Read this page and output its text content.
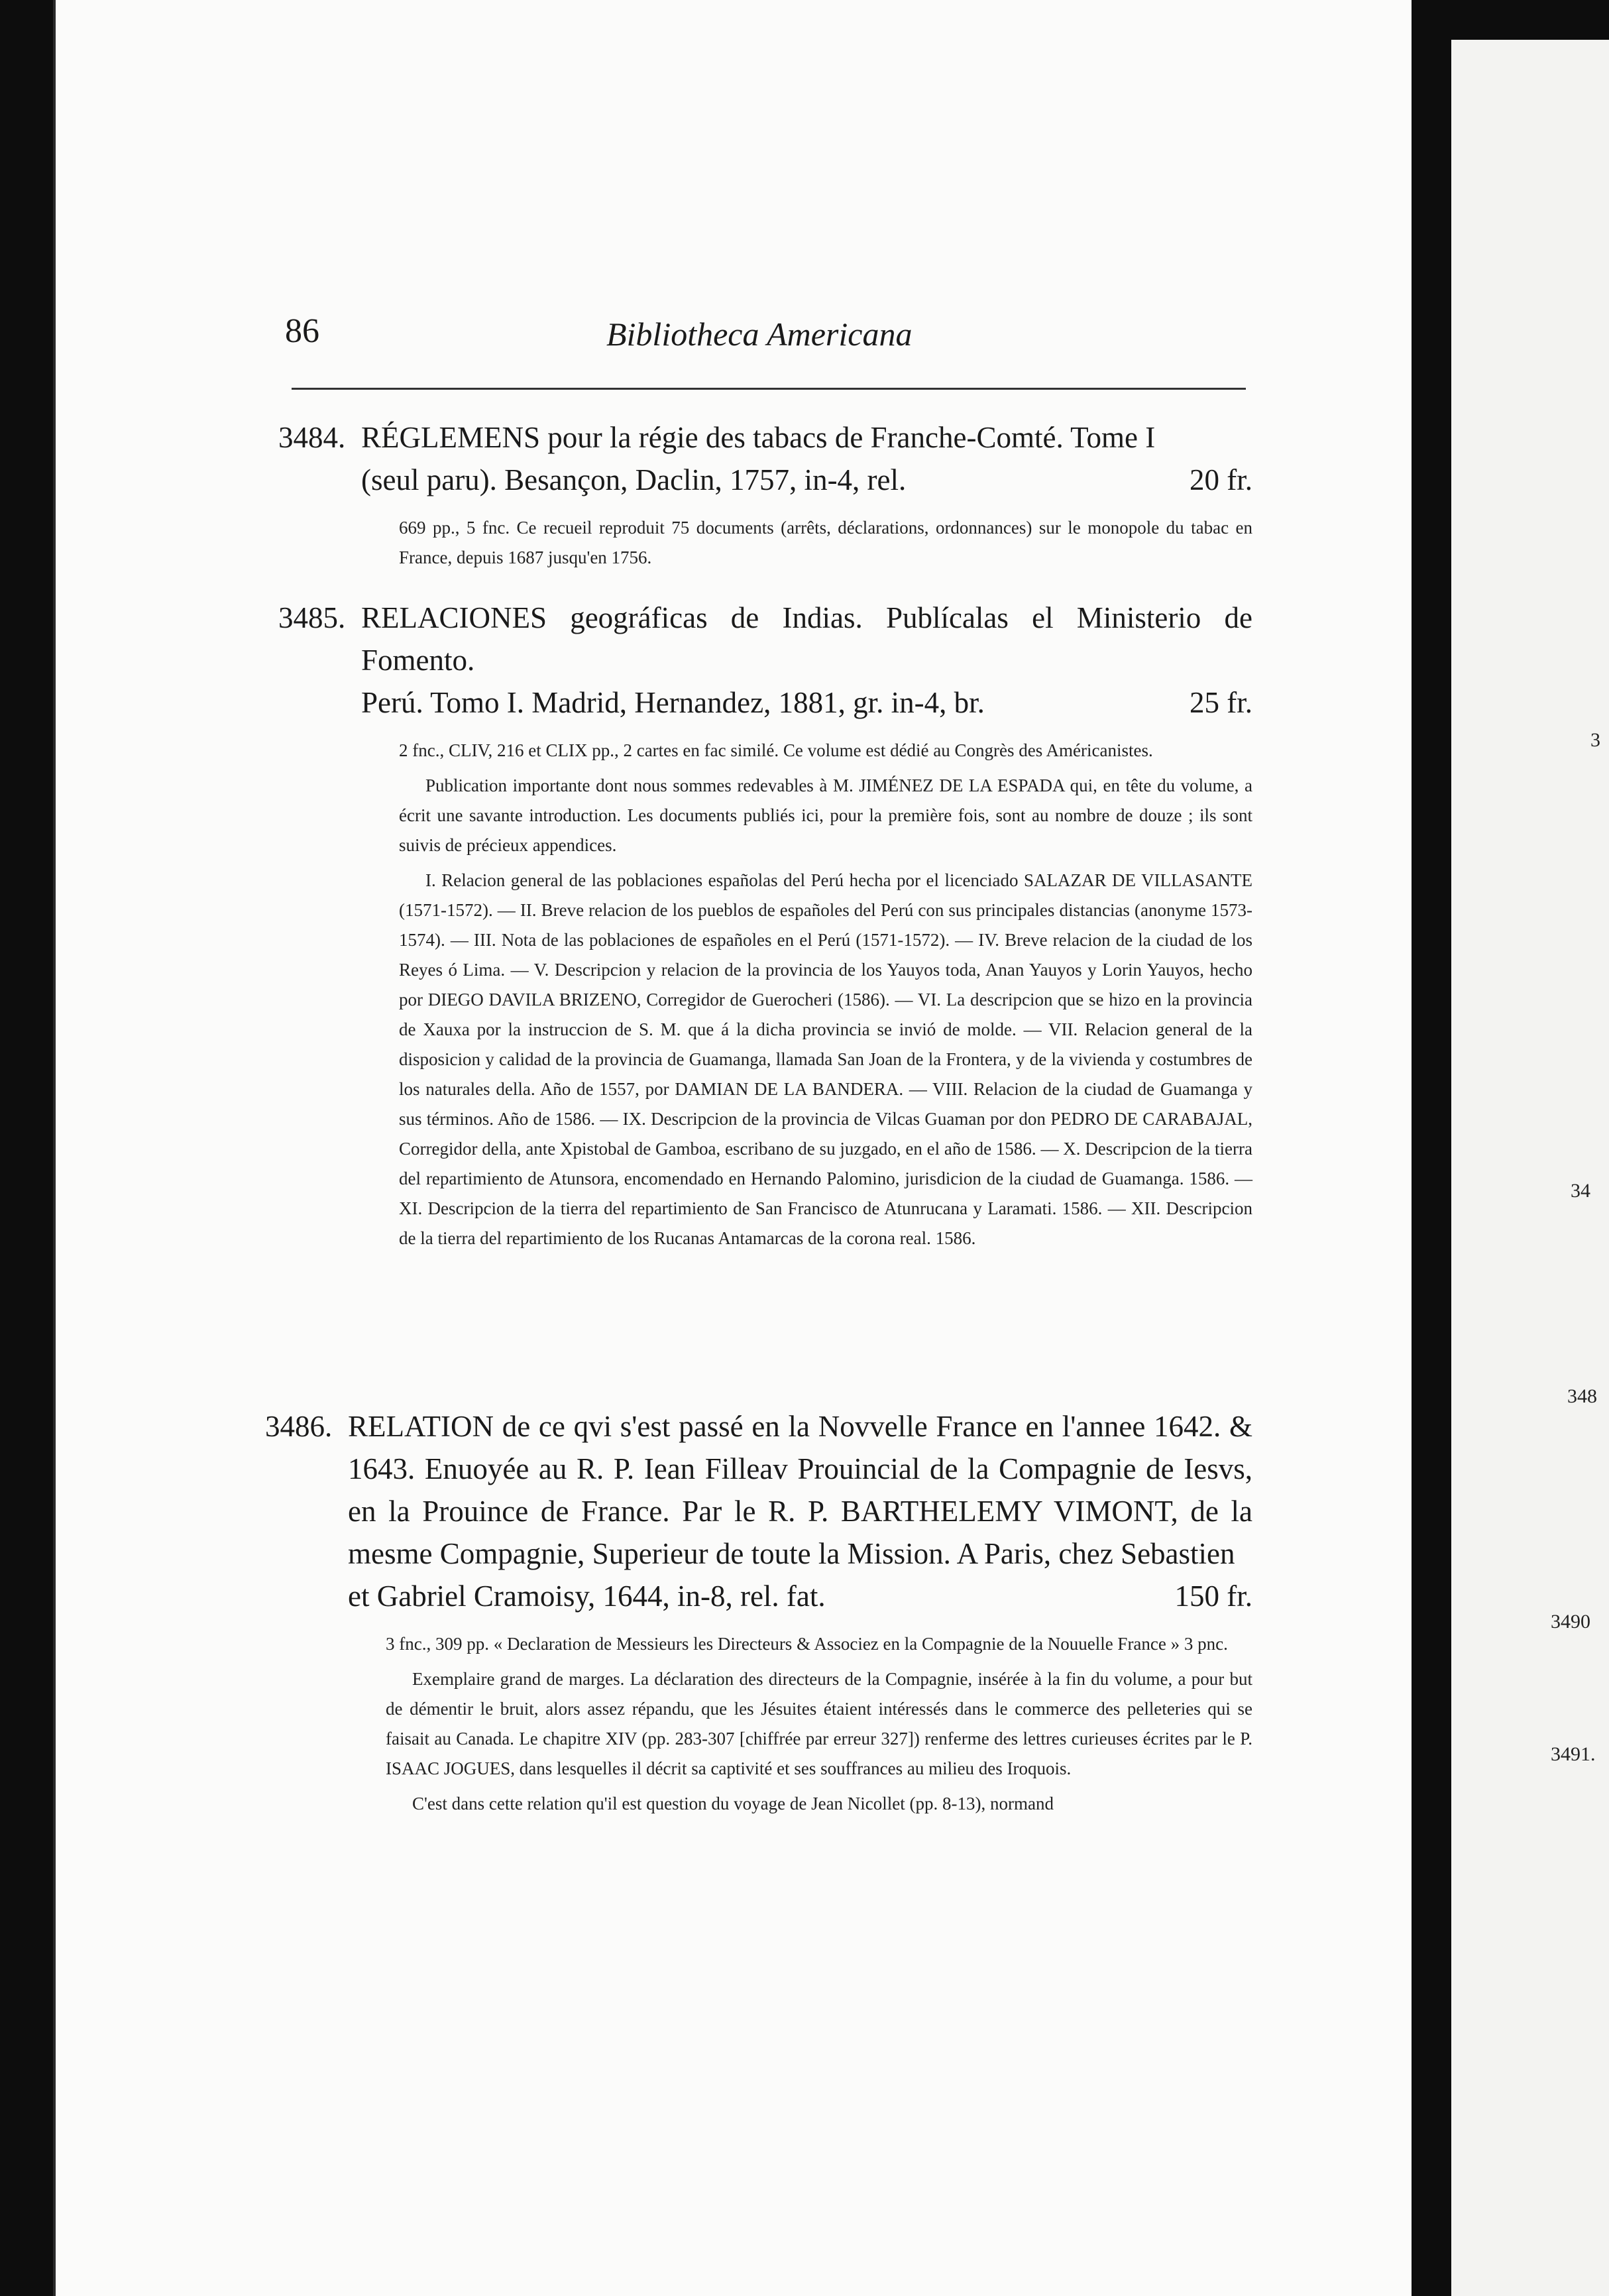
3
34
348
3490
3491.
86	Bibliotheca Americana
3484. RÉGLEMENS pour la régie des tabacs de Franche-Comté. Tome I
(seul paru). Besançon, Daclin, 1757, in-4, rel.	20 fr.

669 pp., 5 fnc. Ce recueil reproduit 75 documents (arrêts, déclarations, ordonnances) sur le monopole du tabac en France, depuis 1687 jusqu'en 1756.

3485. RELACIONES geográficas de Indias. Publícalas el Ministerio de Fomento.
Perú. Tomo I. Madrid, Hernandez, 1881, gr. in-4, br.	25 fr.

2 fnc., CLIV, 216 et CLIX pp., 2 cartes en fac similé. Ce volume est dédié au Congrès des Américanistes.

Publication importante dont nous sommes redevables à M. JIMÉNEZ DE LA ESPADA qui, en tête du volume, a écrit une savante introduction. Les documents publiés ici, pour la première fois, sont au nombre de douze ; ils sont suivis de précieux appendices.

I. Relacion general de las poblaciones españolas del Perú hecha por el licenciado SALAZAR DE VILLASANTE (1571-1572). — II. Breve relacion de los pueblos de españoles del Perú con sus principales distancias (anonyme 1573-1574). — III. Nota de las poblaciones de españoles en el Perú (1571-1572). — IV. Breve relacion de la ciudad de los Reyes ó Lima. — V. Descripcion y relacion de la provincia de los Yauyos toda, Anan Yauyos y Lorin Yauyos, hecho por DIEGO DAVILA BRIZENO, Corregidor de Guerocheri (1586). — VI. La descripcion que se hizo en la provincia de Xauxa por la instruccion de S. M. que á la dicha provincia se invió de molde. — VII. Relacion general de la disposicion y calidad de la provincia de Guamanga, llamada San Joan de la Frontera, y de la vivienda y costumbres de los naturales della. Año de 1557, por DAMIAN DE LA BANDERA. — VIII. Relacion de la ciudad de Guamanga y sus términos. Año de 1586. — IX. Descripcion de la provincia de Vilcas Guaman por don PEDRO DE CARABAJAL, Corregidor della, ante Xpistobal de Gamboa, escribano de su juzgado, en el año de 1586. — X. Descripcion de la tierra del repartimiento de Atunsora, encomendado en Hernando Palomino, jurisdicion de la ciudad de Guamanga. 1586. — XI. Descripcion de la tierra del repartimiento de San Francisco de Atunrucana y Laramati. 1586. — XII. Descripcion de la tierra del repartimiento de los Rucanas Antamarcas de la corona real. 1586.

3486. RELATION de ce qvi s'est passé en la Novvelle France en l'annee 1642. & 1643. Enuoyée au R. P. Iean Filleav Prouincial de la Compagnie de Iesvs, en la Prouince de France. Par le R. P. BARTHELEMY VIMONT, de la mesme Compagnie, Superieur de toute la Mission. A Paris, chez Sebastien
et Gabriel Cramoisy, 1644, in-8, rel. fat.	150 fr.

3 fnc., 309 pp. « Declaration de Messieurs les Directeurs & Associez en la Compagnie de la Nouuelle France » 3 pnc.

Exemplaire grand de marges. La déclaration des directeurs de la Compagnie, insérée à la fin du volume, a pour but de démentir le bruit, alors assez répandu, que les Jésuites étaient intéressés dans le commerce des pelleteries qui se faisait au Canada. Le chapitre XIV (pp. 283-307 [chiffrée par erreur 327]) renferme des lettres curieuses écrites par le P. ISAAC JOGUES, dans lesquelles il décrit sa captivité et ses souffrances au milieu des Iroquois.

C'est dans cette relation qu'il est question du voyage de Jean Nicollet (pp. 8-13), normand
